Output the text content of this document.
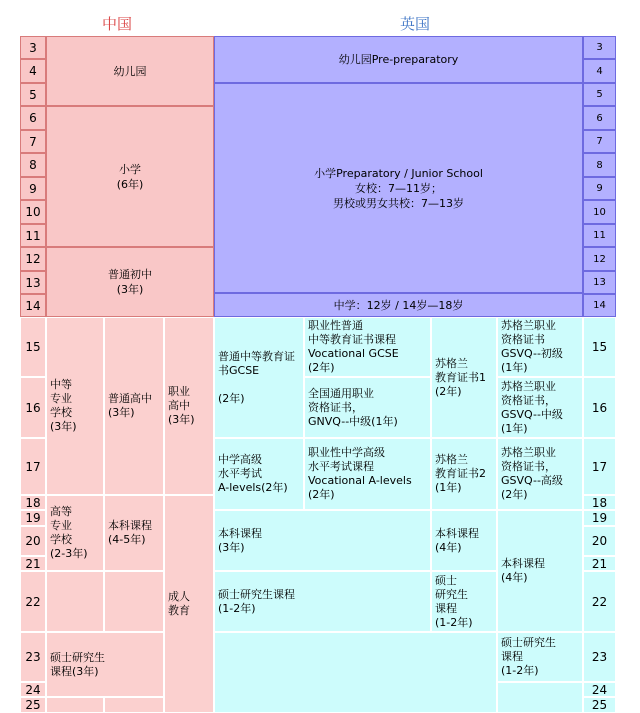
中国	英国
3
4
5
6
7
8
9
10
11
12
13
14
3
4
5
6
7
8
9
10
11
12
13
14
15
16
17
18
19
20
21
22
23
24
25
15
16
17
18
19
20
21
22
23
24
25
幼儿园
小学
(6年)
普通初中
(3年)
幼儿园Pre-preparatory
小学Preparatory / Junior School
女校：7—11岁；
男校或男女共校：7—13岁
中学：12岁 / 14岁—18岁
中等
专业
学校
(3年)
普通高中
(3年)
职业
高中
(3年)
高等
专业
学校
(2-3年)
本科课程
(4-5年)
成人
教育
硕士研究生
课程(3年)
普通中等教育证
书GCSE

(2年)
职业性普通
中等教育证书课程
Vocational GCSE
(2年)
全国通用职业
资格证书，
GNVQ--中级(1年)
苏格兰
教育证书1
(2年)
苏格兰职业
资格证书
GSVQ--初级
(1年)
苏格兰职业
资格证书，
GSVQ--中级
(1年)
中学高级
水平考试
A-levels(2年)
职业性中学高级
水平考试课程
Vocational A-levels
(2年)
苏格兰
教育证书2
(1年)
苏格兰职业
资格证书，
GSVQ--高级
(2年)
本科课程
(3年)
本科课程
(4年)
本科课程
(4年)
硕士研究生课程
(1-2年)
硕士
研究生
课程
(1-2年)
硕士研究生
课程
(1-2年)
